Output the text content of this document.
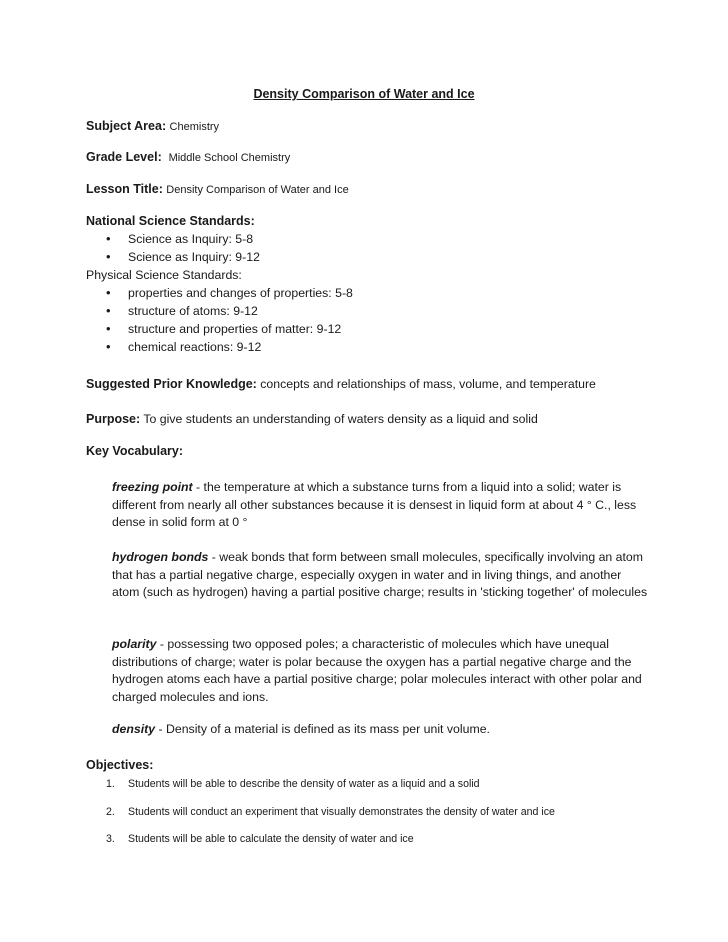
Density Comparison of Water and Ice
Subject Area: Chemistry
Grade Level: Middle School Chemistry
Lesson Title: Density Comparison of Water and Ice
National Science Standards:
• Science as Inquiry: 5-8
• Science as Inquiry: 9-12
Physical Science Standards:
• properties and changes of properties: 5-8
• structure of atoms: 9-12
• structure and properties of matter: 9-12
• chemical reactions: 9-12
Suggested Prior Knowledge: concepts and relationships of mass, volume, and temperature
Purpose: To give students an understanding of waters density as a liquid and solid
Key Vocabulary:
freezing point - the temperature at which a substance turns from a liquid into a solid; water is different from nearly all other substances because it is densest in liquid form at about 4 ° C., less dense in solid form at 0 °
hydrogen bonds - weak bonds that form between small molecules, specifically involving an atom that has a partial negative charge, especially oxygen in water and in living things, and another atom (such as hydrogen) having a partial positive charge; results in 'sticking together' of molecules
polarity - possessing two opposed poles; a characteristic of molecules which have unequal distributions of charge; water is polar because the oxygen has a partial negative charge and the hydrogen atoms each have a partial positive charge; polar molecules interact with other polar and charged molecules and ions.
density - Density of a material is defined as its mass per unit volume.
Objectives:
1. Students will be able to describe the density of water as a liquid and a solid
2. Students will conduct an experiment that visually demonstrates the density of water and ice
3. Students will be able to calculate the density of water and ice
